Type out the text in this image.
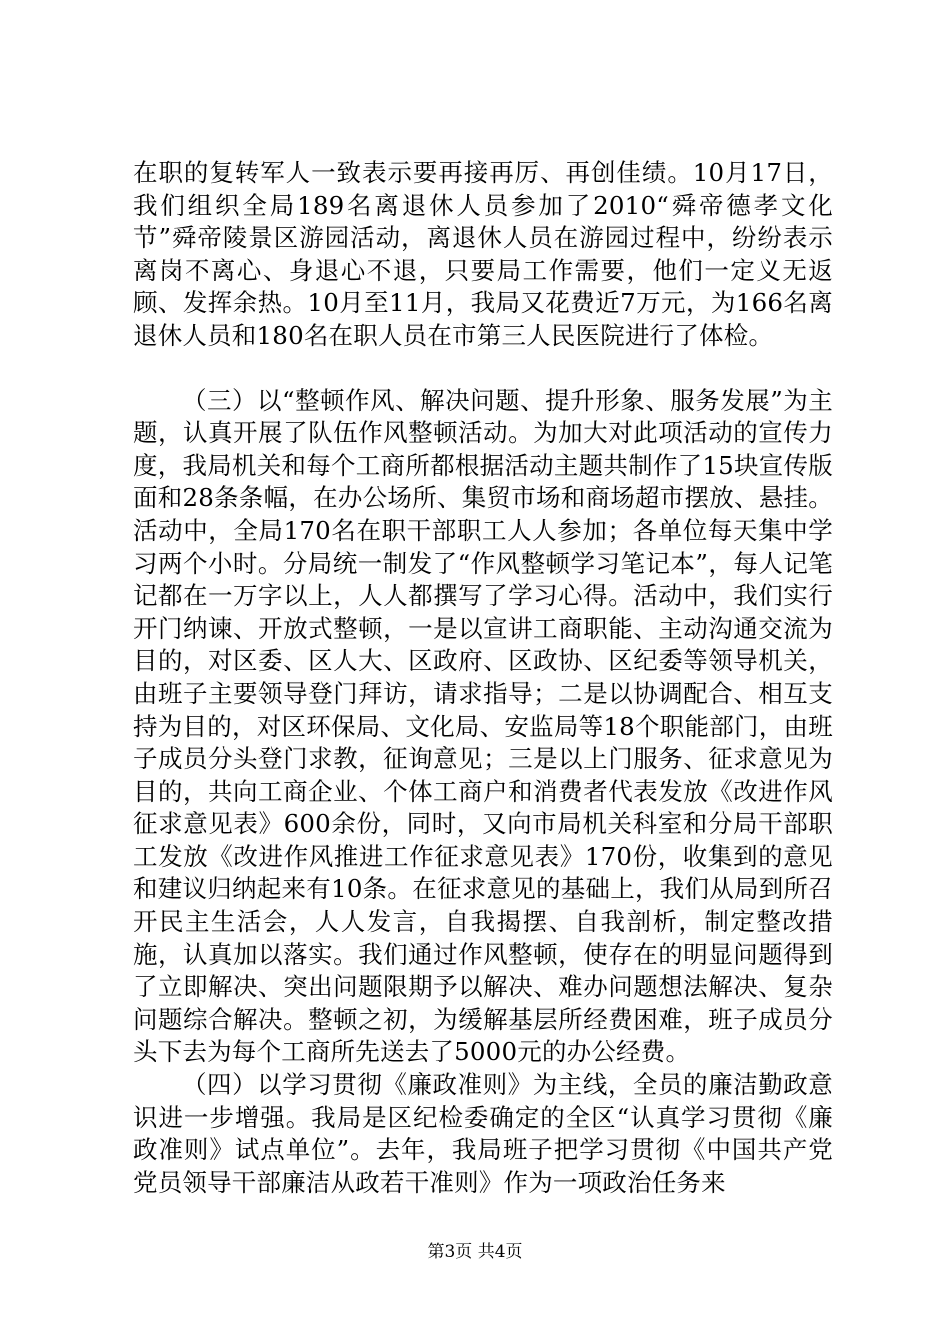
在职的复转军人一致表示要再接再厉、再创佳绩。10月17日，我们组织全局189名离退休人员参加了2010“舜帝德孝文化节”舜帝陵景区游园活动，离退休人员在游园过程中，纷纷表示离岗不离心、身退心不退，只要局工作需要，他们一定义无返顾、发挥余热。10月至11月，我局又花费近7万元，为166名离退休人员和180名在职人员在市第三人民医院进行了体检。

（三）以“整顿作风、解决问题、提升形象、服务发展”为主题，认真开展了队伍作风整顿活动。为加大对此项活动的宣传力度，我局机关和每个工商所都根据活动主题共制作了15块宣传版面和28条条幅，在办公场所、集贸市场和商场超市摆放、悬挂。活动中，全局170名在职干部职工人人参加；各单位每天集中学习两个小时。分局统一制发了“作风整顿学习笔记本”，每人记笔记都在一万字以上，人人都撰写了学习心得。活动中，我们实行开门纳谏、开放式整顿，一是以宣讲工商职能、主动沟通交流为目的，对区委、区人大、区政府、区政协、区纪委等领导机关，由班子主要领导登门拜访，请求指导；二是以协调配合、相互支持为目的，对区环保局、文化局、安监局等18个职能部门，由班子成员分头登门求教，征询意见；三是以上门服务、征求意见为目的，共向工商企业、个体工商户和消费者代表发放《改进作风征求意见表》600余份，同时，又向市局机关科室和分局干部职工发放《改进作风推进工作征求意见表》170份，收集到的意见和建议归纳起来有10条。在征求意见的基础上，我们从局到所召开民主生活会，人人发言，自我揭摆、自我剖析，制定整改措施，认真加以落实。我们通过作风整顿，使存在的明显问题得到了立即解决、突出问题限期予以解决、难办问题想法解决、复杂问题综合解决。整顿之初，为缓解基层所经费困难，班子成员分头下去为每个工商所先送去了5000元的办公经费。

（四）以学习贯彻《廉政准则》为主线，全员的廉洁勤政意识进一步增强。我局是区纪检委确定的全区“认真学习贯彻《廉政准则》试点单位”。去年，我局班子把学习贯彻《中国共产党党员领导干部廉洁从政若干准则》作为一项政治任务来

第3页 共4页
